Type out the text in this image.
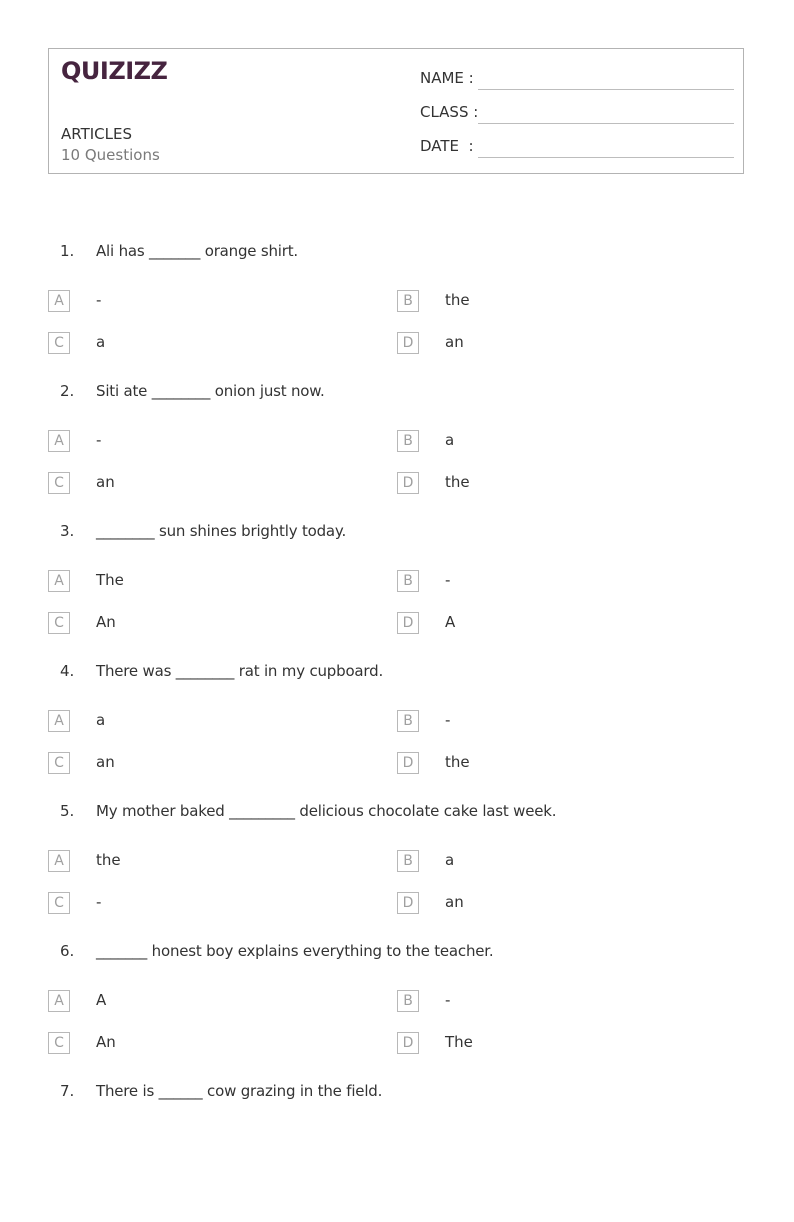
QUIZIZZ
ARTICLES
10 Questions
NAME :
CLASS :
DATE  :
1. Ali has _______ orange shirt.
A	-	B	the
C	a	D	an
2. Siti ate ________ onion just now.
A	-	B	a
C	an	D	the
3. ________ sun shines brightly today.
A	The	B	-
C	An	D	A
4. There was ________ rat in my cupboard.
A	a	B	-
C	an	D	the
5. My mother baked _________ delicious chocolate cake last week.
A	the	B	a
C	-	D	an
6. _______ honest boy explains everything to the teacher.
A	A	B	-
C	An	D	The
7. There is ______ cow grazing in the field.
